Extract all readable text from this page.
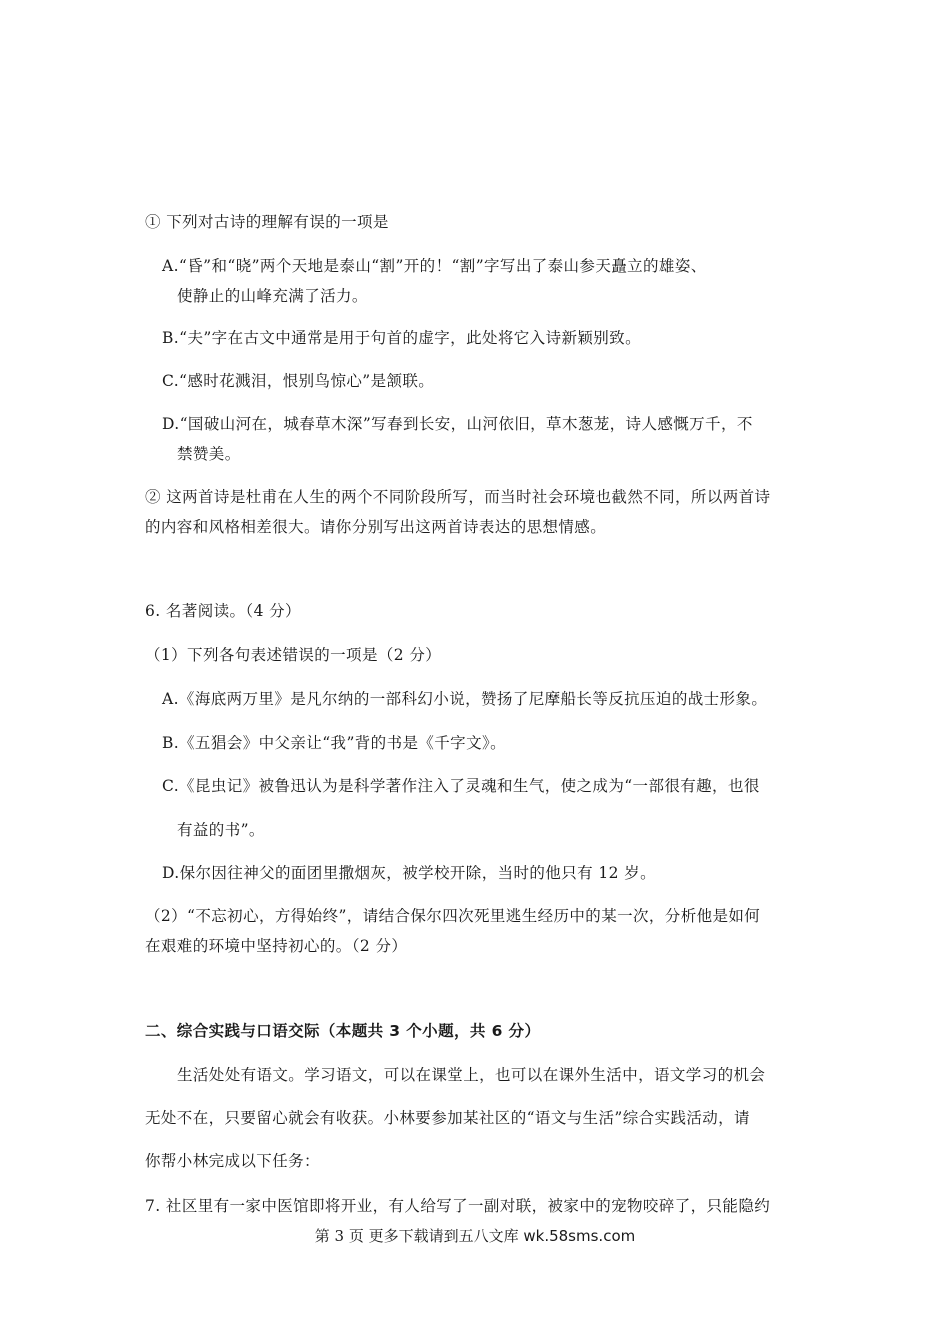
① 下列对古诗的理解有误的一项是
A.“昏”和“晓”两个天地是泰山“割”开的！“割”字写出了泰山参天矗立的雄姿、
使静止的山峰充满了活力。
B.“夫”字在古文中通常是用于句首的虚字，此处将它入诗新颖别致。
C.“感时花溅泪，恨别鸟惊心”是颔联。
D.“国破山河在，城春草木深”写春到长安，山河依旧，草木葱茏，诗人感慨万千，不
禁赞美。
② 这两首诗是杜甫在人生的两个不同阶段所写，而当时社会环境也截然不同，所以两首诗
的内容和风格相差很大。请你分别写出这两首诗表达的思想情感。
6. 名著阅读。（4 分）
（1）下列各句表述错误的一项是（2 分）
A.《海底两万里》是凡尔纳的一部科幻小说，赞扬了尼摩船长等反抗压迫的战士形象。
B.《五猖会》中父亲让“我”背的书是《千字文》。
C.《昆虫记》被鲁迅认为是科学著作注入了灵魂和生气，使之成为“一部很有趣，也很
有益的书”。
D.保尔因往神父的面团里撒烟灰，被学校开除，当时的他只有 12 岁。
（2）“不忘初心，方得始终”，请结合保尔四次死里逃生经历中的某一次，分析他是如何
在艰难的环境中坚持初心的。（2 分）
二、综合实践与口语交际（本题共 3 个小题，共 6 分）
生活处处有语文。学习语文，可以在课堂上，也可以在课外生活中，语文学习的机会
无处不在，只要留心就会有收获。小林要参加某社区的“语文与生活”综合实践活动，请
你帮小林完成以下任务：
7. 社区里有一家中医馆即将开业，有人给写了一副对联，被家中的宠物咬碎了，只能隐约
第 3 页 更多下载请到五八文库 wk.58sms.com
